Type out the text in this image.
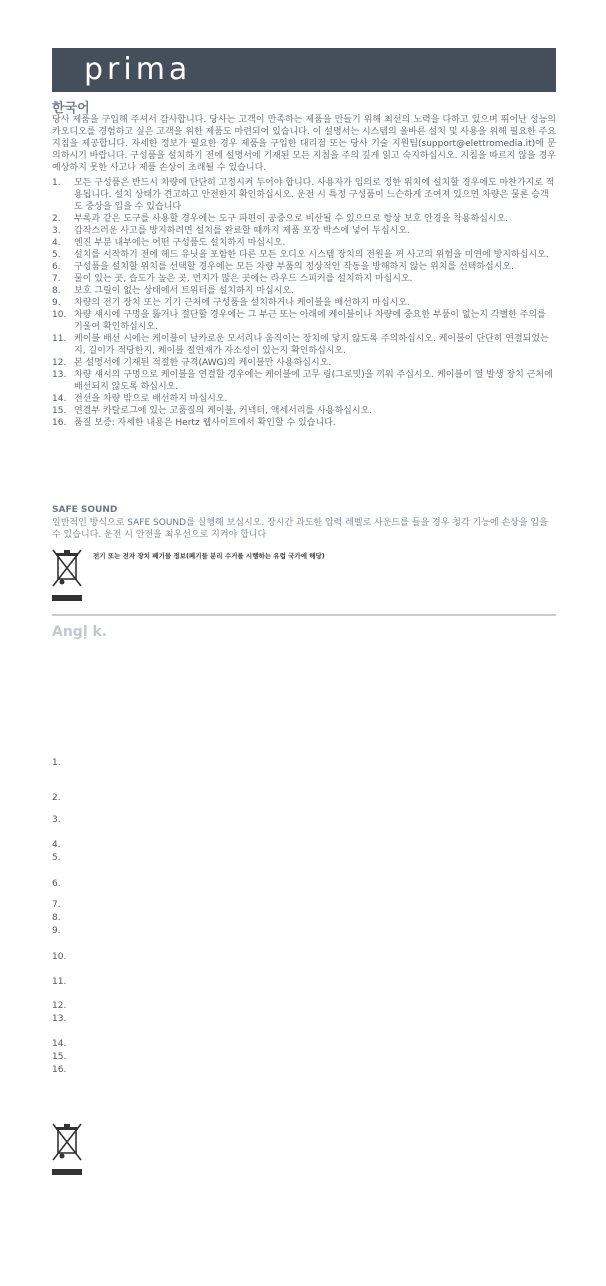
prima
한국어
당사 제품을 구입해 주셔서 감사합니다. 당사는 고객이 만족하는 제품을 만들기 위해 최선의 노력을 다하고 있으며 뛰어난 성능의 카오디오를 경험하고 싶은 고객을 위한 제품도 마련되어 있습니다. 이 설명서는 시스템의 올바른 설치 및 사용을 위해 필요한 주요 지침을 제공합니다. 자세한 정보가 필요한 경우 제품을 구입한 대리점 또는 당사 기술 지원팀(support@elettromedia.it)에 문의하시기 바랍니다. 구성품을 설치하기 전에 설명서에 기재된 모든 지침을 주의 깊게 읽고 숙지하십시오. 지침을 따르지 않을 경우 예상하지 못한 사고나 제품 손상이 초래될 수 있습니다.
1. 모든 구성품은 반드시 차량에 단단히 고정시켜 두어야 합니다. 사용자가 임의로 정한 위치에 설치할 경우에도 마찬가지로 적용됩니다. 설치 상태가 견고하고 안전한지 확인하십시오. 운전 시 특정 구성품이 느슨하게 조여져 있으면 차량은 물론 승객도 중상을 입을 수 있습니다
2. 부록과 같은 도구를 사용할 경우에는 도구 파편이 공중으로 비산될 수 있으므로 항상 보호 안경을 착용하십시오.
3. 갑작스러운 사고를 방지하려면 설치를 완료할 때까지 제품 포장 박스에 넣어 두십시오.
4. 엔진 부분 내부에는 어떤 구성품도 설치하지 마십시오.
5. 설치를 시작하기 전에 헤드 유닛을 포함한 다른 모든 오디오 시스템 장치의 전원을 꺼 사고의 위험을 미연에 방지하십시오.
6. 구성품을 설치할 위치를 선택할 경우에는 모든 차량 부품의 정상적인 작동을 방해하지 않는 위치를 선택하십시오.
7. 물이 있는 곳, 습도가 높은 곳, 먼지가 많은 곳에는 라우드 스피커를 설치하지 마십시오.
8. 보호 그릴이 없는 상태에서 트위터를 설치하지 마십시오.
9. 차량의 전기 장치 또는 기기 근처에 구성품을 설치하거나 케이블을 배선하지 마십시오.
10. 차량 섀시에 구멍을 뚫거나 절단할 경우에는 그 부근 또는 아래에 케이블이나 차량에 중요한 부품이 없는지 각별한 주의를 기울여 확인하십시오.
11. 케이블 배선 시에는 케이블이 날카로운 모서리나 움직이는 장치에 닿지 않도록 주의하십시오. 케이블이 단단히 연결되었는지, 길이가 적당한지, 케이블 절연재가 자소성이 있는지 확인하십시오.
12. 본 설명서에 기재된 적절한 규격(AWG)의 케이블만 사용하십시오.
13. 차량 섀시의 구멍으로 케이블을 연결할 경우에는 케이블에 고무 링(그로밋)을 끼워 주십시오. 케이블이 열 발생 장치 근처에 배선되지 않도록 하십시오.
14. 전선을 차량 밖으로 배선하지 마십시오.
15. 연결부 카탈로그에 있는 고품질의 케이블, 커넥터, 액세서리를 사용하십시오.
16. 품질 보증: 자세한 내용은 Hertz 웹사이트에서 확인할 수 있습니다.
SAFE SOUND
일반적인 방식으로 SAFE SOUND를 실행해 보십시오. 장시간 과도한 압력 레벨로 사운드를 들을 경우 청각 기능에 손상을 입을 수 있습니다. 운전 시 안전을 최우선으로 지켜야 합니다
전기 또는 전자 장치 폐기물 정보(폐기물 분리 수거를 시행하는 유럽 국가에 해당)
Angļ k.
1.
2.
3.
4.
5.
6.
7.
8.
9.
10.
11.
12.
13.
14.
15.
16.
